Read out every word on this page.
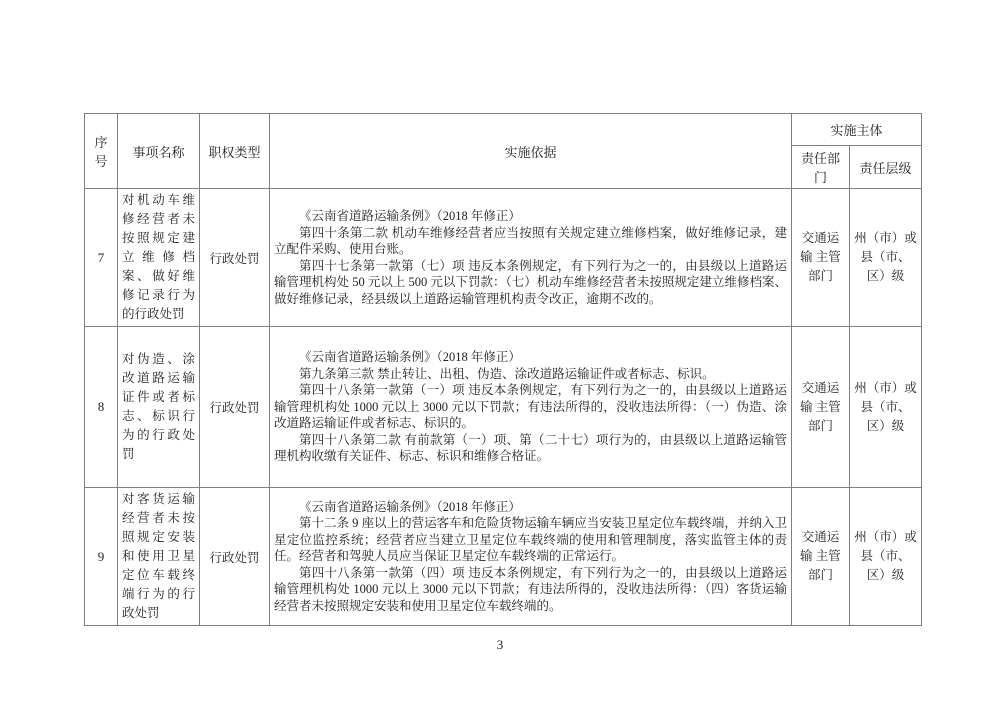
序号	事项名称	职权类型	实施依据	实施主体	
				责任部门	责任层级
7	对机动车维修经营者未按照规定建立维修档案、做好维修记录行为的行政处罚	行政处罚	《云南省道路运输条例》（2018 年修正）

第四十条第二款 机动车维修经营者应当按照有关规定建立维修档案，做好维修记录，建立配件采购、使用台账。

第四十七条第一款第（七）项 违反本条例规定，有下列行为之一的，由县级以上道路运输管理机构处 50 元以上 500 元以下罚款：（七）机动车维修经营者未按照规定建立维修档案、做好维修记录，经县级以上道路运输管理机构责令改正，逾期不改的。	交通运输 主管部门	州（市）或县（市、区）级
8	对伪造、涂改道路运输证件或者标志、标识行为的行政处罚	行政处罚	《云南省道路运输条例》（2018 年修正）

第九条第三款 禁止转让、出租、伪造、涂改道路运输证件或者标志、标识。

第四十八条第一款第（一）项 违反本条例规定，有下列行为之一的，由县级以上道路运输管理机构处 1000 元以上 3000 元以下罚款；有违法所得的，没收违法所得：（一）伪造、涂改道路运输证件或者标志、标识的。

第四十八条第二款 有前款第（一）项、第（二十七）项行为的，由县级以上道路运输管理机构收缴有关证件、标志、标识和维修合格证。	交通运输 主管部门	州（市）或县（市、区）级
9	对客货运输经营者未按照规定安装和使用卫星定位车载终端行为的行政处罚	行政处罚	《云南省道路运输条例》（2018 年修正）

第十二条 9 座以上的营运客车和危险货物运输车辆应当安装卫星定位车载终端，并纳入卫星定位监控系统；经营者应当建立卫星定位车载终端的使用和管理制度，落实监管主体的责任。经营者和驾驶人员应当保证卫星定位车载终端的正常运行。

第四十八条第一款第（四）项 违反本条例规定，有下列行为之一的，由县级以上道路运输管理机构处 1000 元以上 3000 元以下罚款；有违法所得的，没收违法所得：（四）客货运输经营者未按照规定安装和使用卫星定位车载终端的。	交通运输 主管部门	州（市）或县（市、区）级
3
